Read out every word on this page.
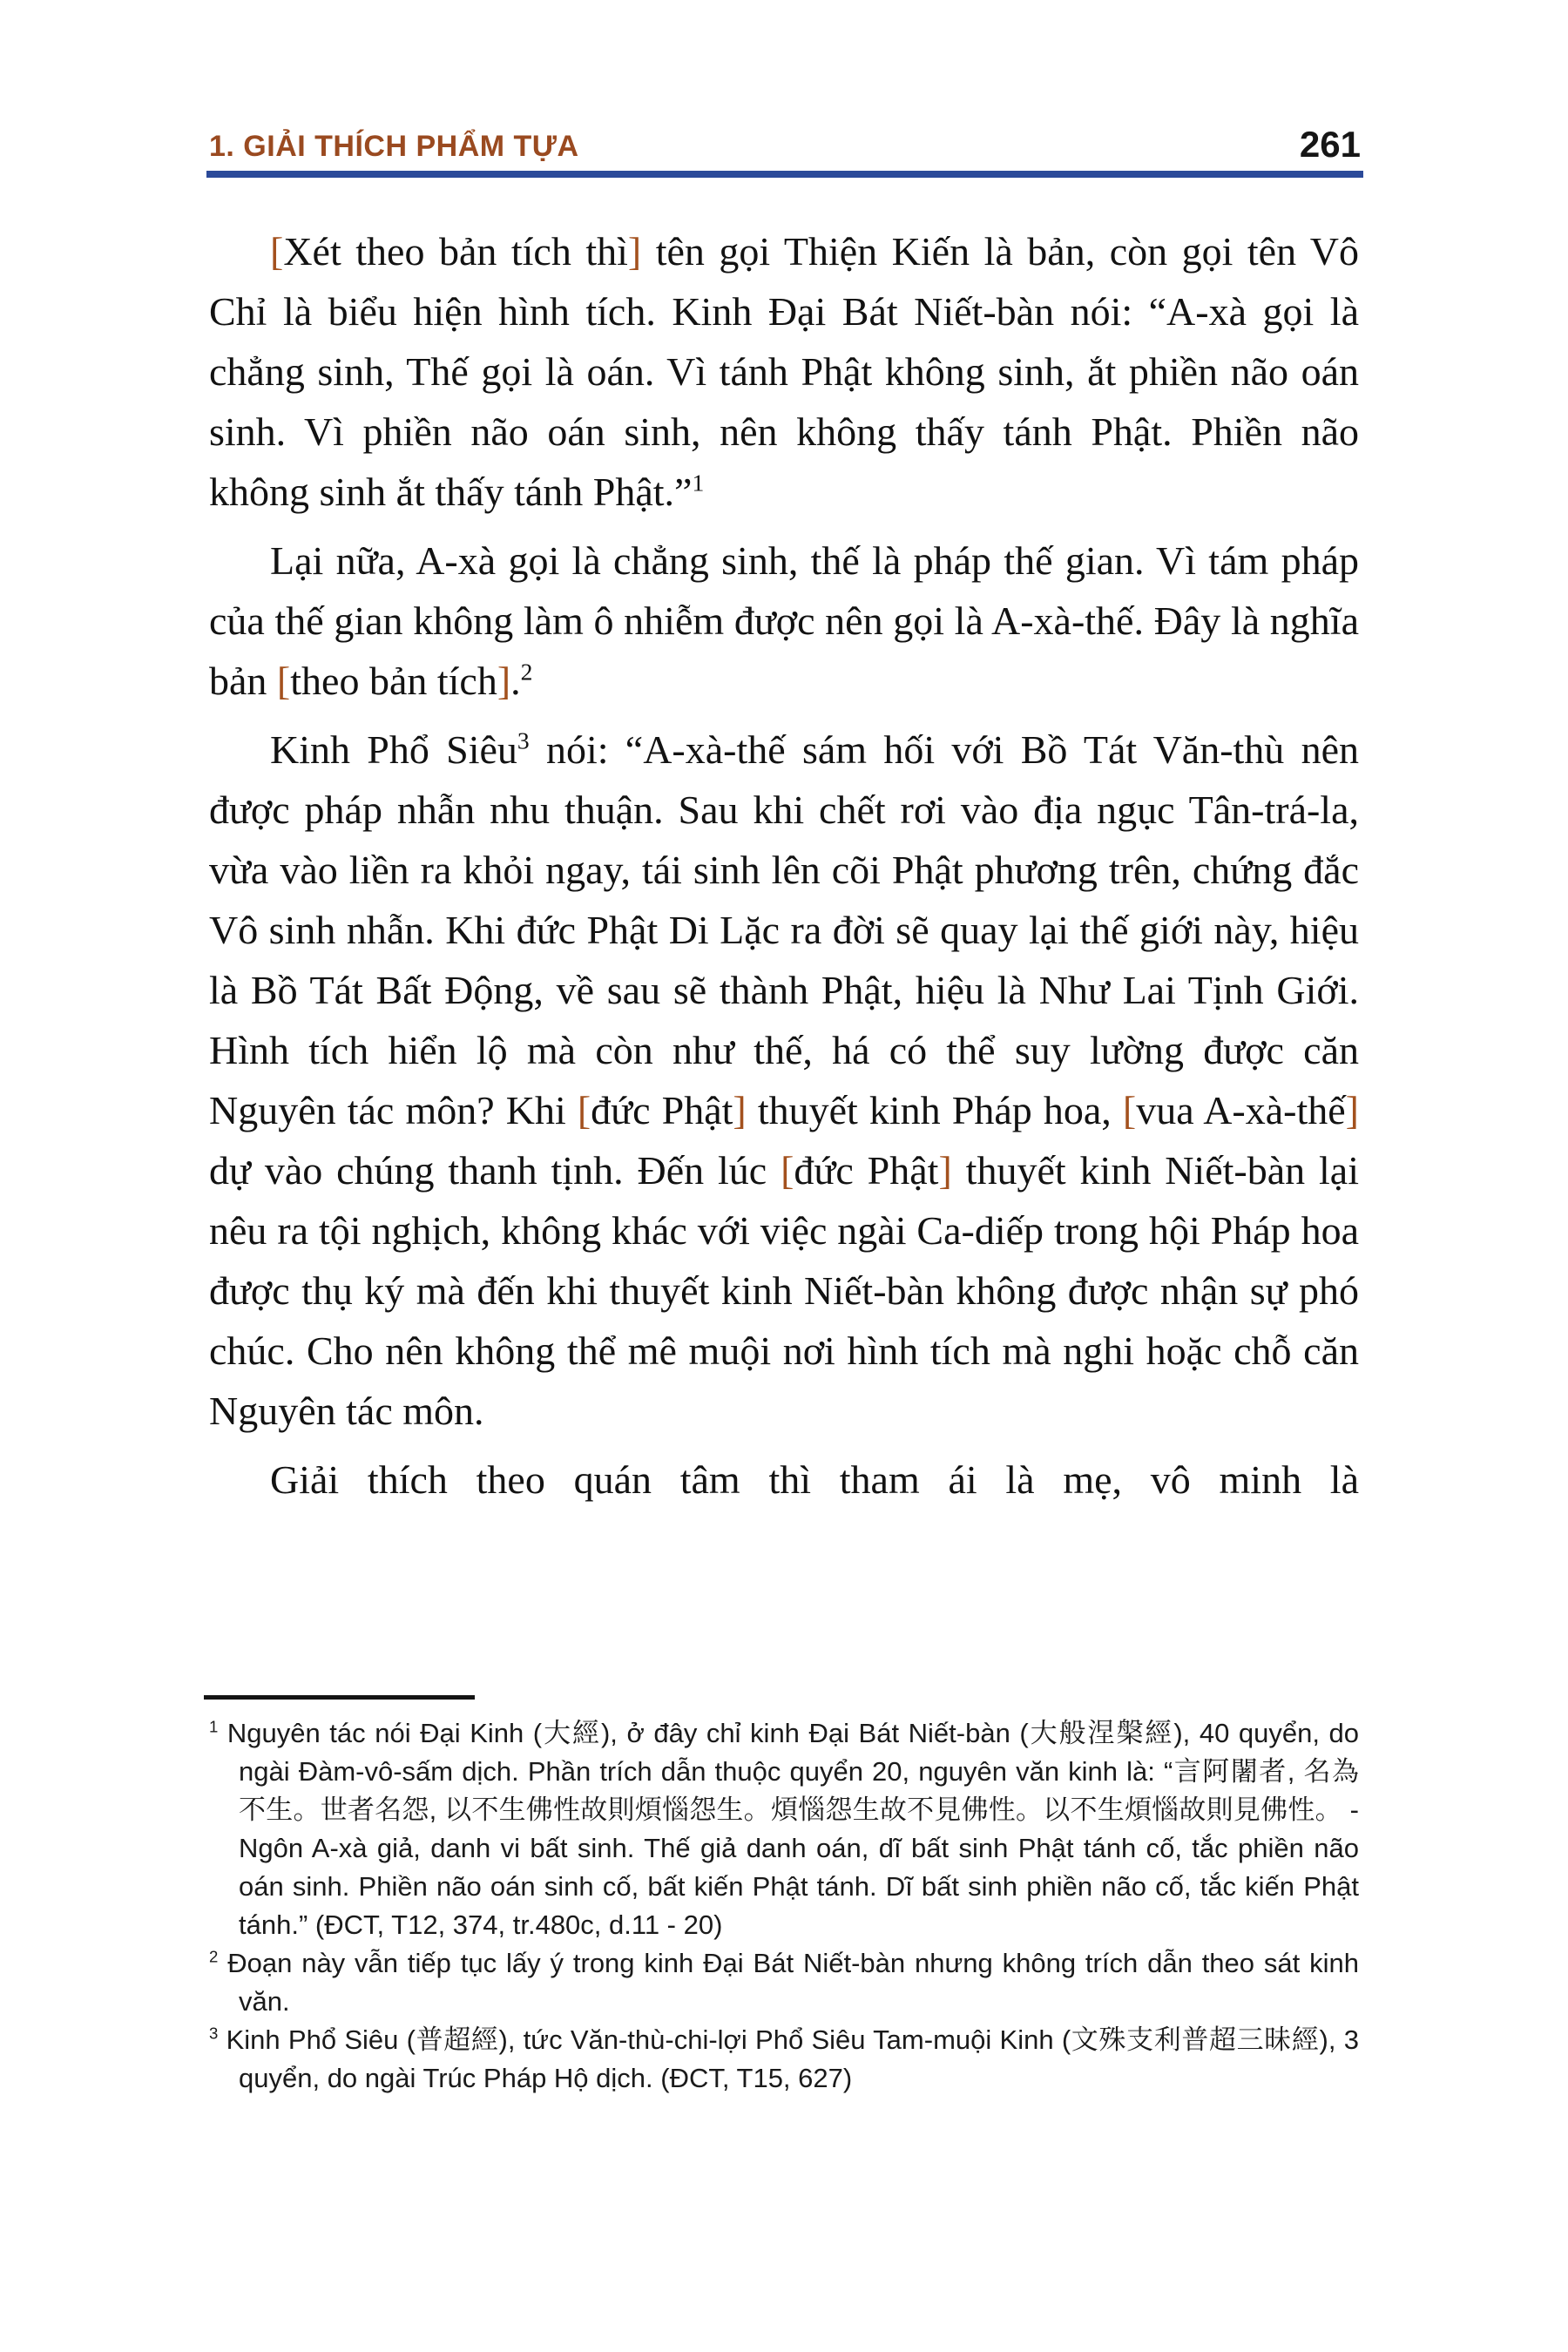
1. GIẢI THÍCH PHẨM TỰA	261

[Xét theo bản tích thì] tên gọi Thiện Kiến là bản, còn gọi tên Vô Chỉ là biểu hiện hình tích. Kinh Đại Bát Niết-bàn nói: “A-xà gọi là chẳng sinh, Thế gọi là oán. Vì tánh Phật không sinh, ắt phiền não oán sinh. Vì phiền não oán sinh, nên không thấy tánh Phật. Phiền não không sinh ắt thấy tánh Phật.”$^1$

Lại nữa, A-xà gọi là chẳng sinh, thế là pháp thế gian. Vì tám pháp của thế gian không làm ô nhiễm được nên gọi là A-xà-thế. Đây là nghĩa bản [theo bản tích].$^2$

Kinh Phổ Siêu$^3$ nói: “A-xà-thế sám hối với Bồ Tát Văn-thù nên được pháp nhẫn nhu thuận. Sau khi chết rơi vào địa ngục Tân-trá-la, vừa vào liền ra khỏi ngay, tái sinh lên cõi Phật phương trên, chứng đắc Vô sinh nhẫn. Khi đức Phật Di Lặc ra đời sẽ quay lại thế giới này, hiệu là Bồ Tát Bất Động, về sau sẽ thành Phật, hiệu là Như Lai Tịnh Giới. Hình tích hiển lộ mà còn như thế, há có thể suy lường được căn Nguyên tác môn? Khi [đức Phật] thuyết kinh Pháp hoa, [vua A-xà-thế] dự vào chúng thanh tịnh. Đến lúc [đức Phật] thuyết kinh Niết-bàn lại nêu ra tội nghịch, không khác với việc ngài Ca-diếp trong hội Pháp hoa được thụ ký mà đến khi thuyết kinh Niết-bàn không được nhận sự phó chúc. Cho nên không thể mê muội nơi hình tích mà nghi hoặc chỗ căn Nguyên tác môn.

Giải thích theo quán tâm thì tham ái là mẹ, vô minh là

$^1$ Nguyên tác nói Đại Kinh (大經), ở đây chỉ kinh Đại Bát Niết-bàn (大般涅槃經), 40 quyển, do ngài Đàm-vô-sấm dịch. Phần trích dẫn thuộc quyển 20, nguyên văn kinh là: “言阿闍者, 名為不生。世者名怨, 以不生佛性故則煩惱怨生。煩惱怨生故不見佛性。以不生煩惱故則見佛性。 - Ngôn A-xà giả, danh vi bất sinh. Thế giả danh oán, dĩ bất sinh Phật tánh cố, tắc phiền não oán sinh. Phiền não oán sinh cố, bất kiến Phật tánh. Dĩ bất sinh phiền não cố, tắc kiến Phật tánh.” (ĐCT, T12, 374, tr.480c, d.11 - 20)

$^2$ Đoạn này vẫn tiếp tục lấy ý trong kinh Đại Bát Niết-bàn nhưng không trích dẫn theo sát kinh văn.

$^3$ Kinh Phổ Siêu (普超經), tức Văn-thù-chi-lợi Phổ Siêu Tam-muội Kinh (文殊支利普超三昧經), 3 quyển, do ngài Trúc Pháp Hộ dịch. (ĐCT, T15, 627)
